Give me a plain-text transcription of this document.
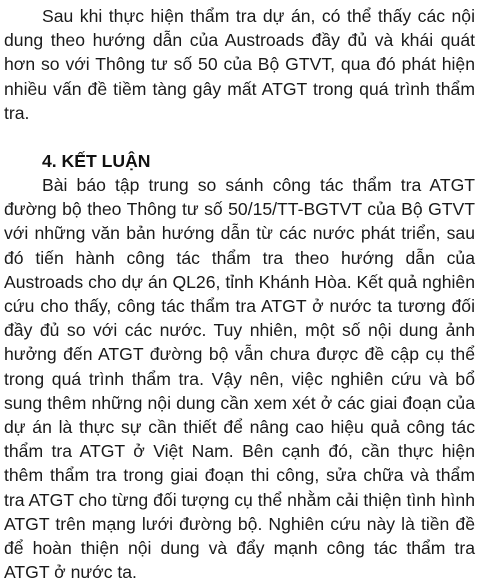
Sau khi thực hiện thẩm tra dự án, có thể thấy các nội dung theo hướng dẫn của Austroads đầy đủ và khái quát hơn so với Thông tư số 50 của Bộ GTVT, qua đó phát hiện nhiều vấn đề tiềm tàng gây mất ATGT trong quá trình thẩm tra.

4. KẾT LUẬN

Bài báo tập trung so sánh công tác thẩm tra ATGT đường bộ theo Thông tư số 50/15/TT-BGTVT của Bộ GTVT với những văn bản hướng dẫn từ các nước phát triển, sau đó tiến hành công tác thẩm tra theo hướng dẫn của Austroads cho dự án QL26, tỉnh Khánh Hòa. Kết quả nghiên cứu cho thấy, công tác thẩm tra ATGT ở nước ta tương đối đầy đủ so với các nước. Tuy nhiên, một số nội dung ảnh hưởng đến ATGT đường bộ vẫn chưa được đề cập cụ thể trong quá trình thẩm tra. Vậy nên, việc nghiên cứu và bổ sung thêm những nội dung cần xem xét ở các giai đoạn của dự án là thực sự cần thiết để nâng cao hiệu quả công tác thẩm tra ATGT ở Việt Nam. Bên cạnh đó, cần thực hiện thêm thẩm tra trong giai đoạn thi công, sửa chữa và thẩm tra ATGT cho từng đối tượng cụ thể nhằm cải thiện tình hình ATGT trên mạng lưới đường bộ. Nghiên cứu này là tiền đề để hoàn thiện nội dung và đẩy mạnh công tác thẩm tra ATGT ở nước ta.
